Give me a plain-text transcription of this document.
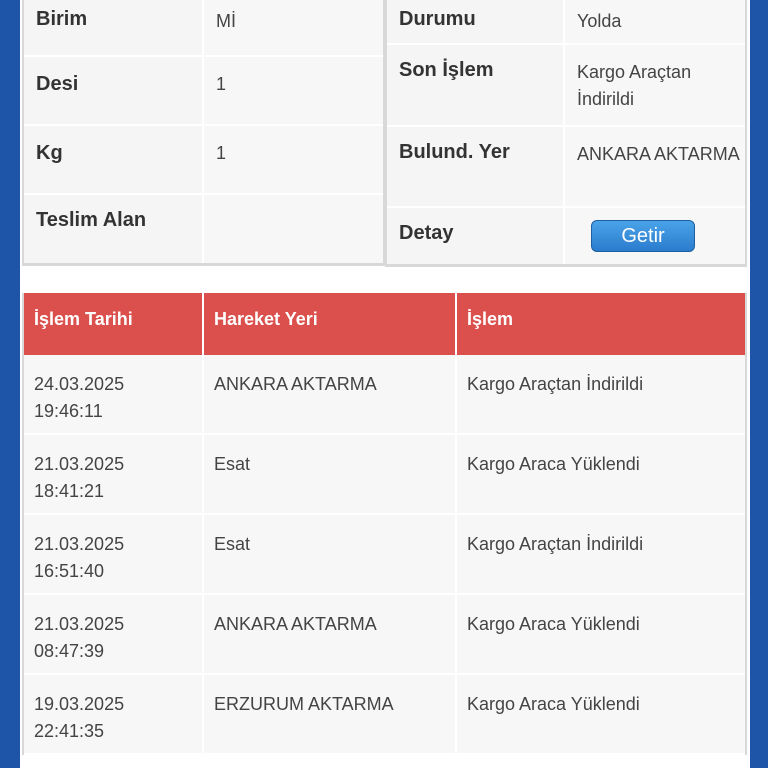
Birim	Mİ
Desi	1
Kg	1
Teslim Alan
Durumu	Yolda
Son İşlem	Kargo Araçtan İndirildi
Bulund. Yer	ANKARA AKTARMA
Detay	Getir
İşlem Tarihi	Hareket Yeri	İşlem

24.03.2025
19:46:11	ANKARA AKTARMA	Kargo Araçtan İndirildi

21.03.2025
18:41:21	Esat	Kargo Araca Yüklendi

21.03.2025
16:51:40	Esat	Kargo Araçtan İndirildi

21.03.2025
08:47:39	ANKARA AKTARMA	Kargo Araca Yüklendi

19.03.2025
22:41:35	ERZURUM AKTARMA	Kargo Araca Yüklendi
